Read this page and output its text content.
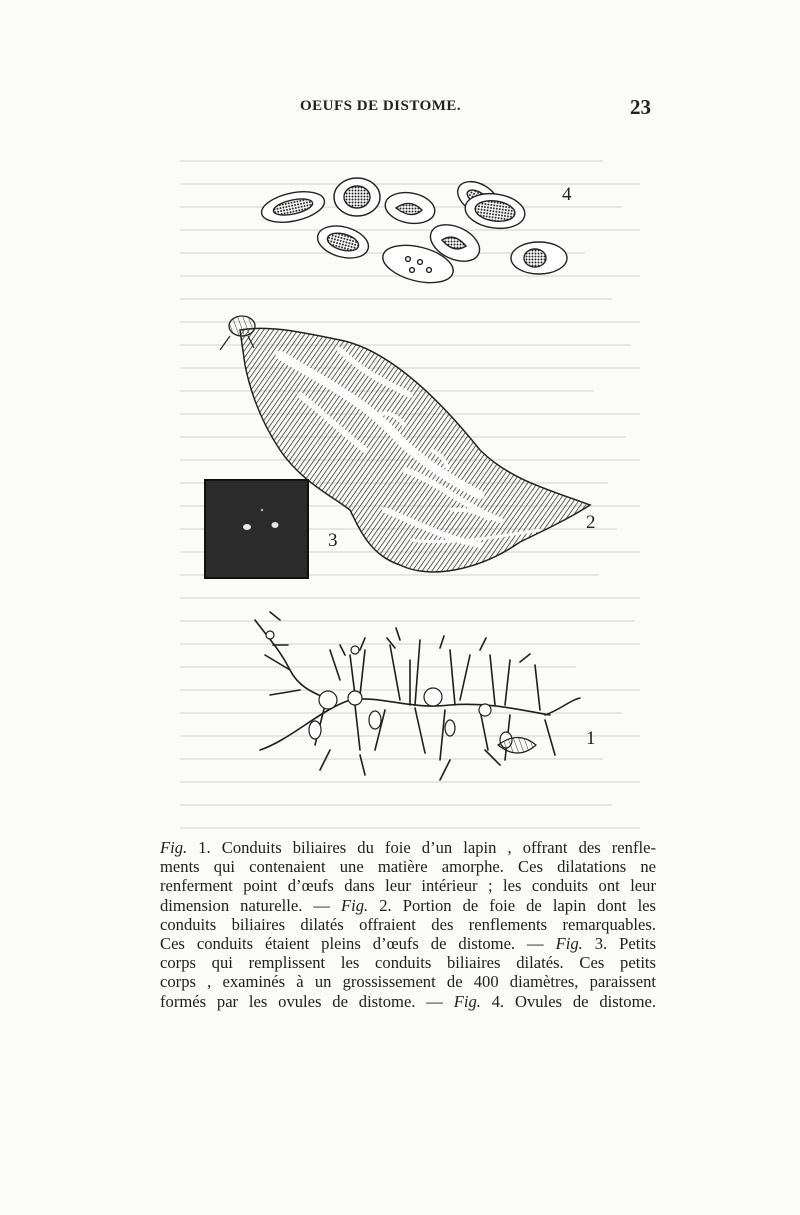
OEUFS DE DISTOME.	23
4
2
3
1
Fig. 1. Conduits biliaires du foie d’un lapin , offrant des renfle-
ments qui contenaient une matière amorphe. Ces dilatations ne
renferment point d’œufs dans leur intérieur ; les conduits ont leur
dimension naturelle. — Fig. 2. Portion de foie de lapin dont les
conduits biliaires dilatés offraient des renflements remarquables.
Ces conduits étaient pleins d’œufs de distome. — Fig. 3. Petits
corps qui remplissent les conduits biliaires dilatés. Ces petits
corps , examinés à un grossissement de 400 diamètres, paraissent
formés par les ovules de distome. — Fig. 4. Ovules de distome.
